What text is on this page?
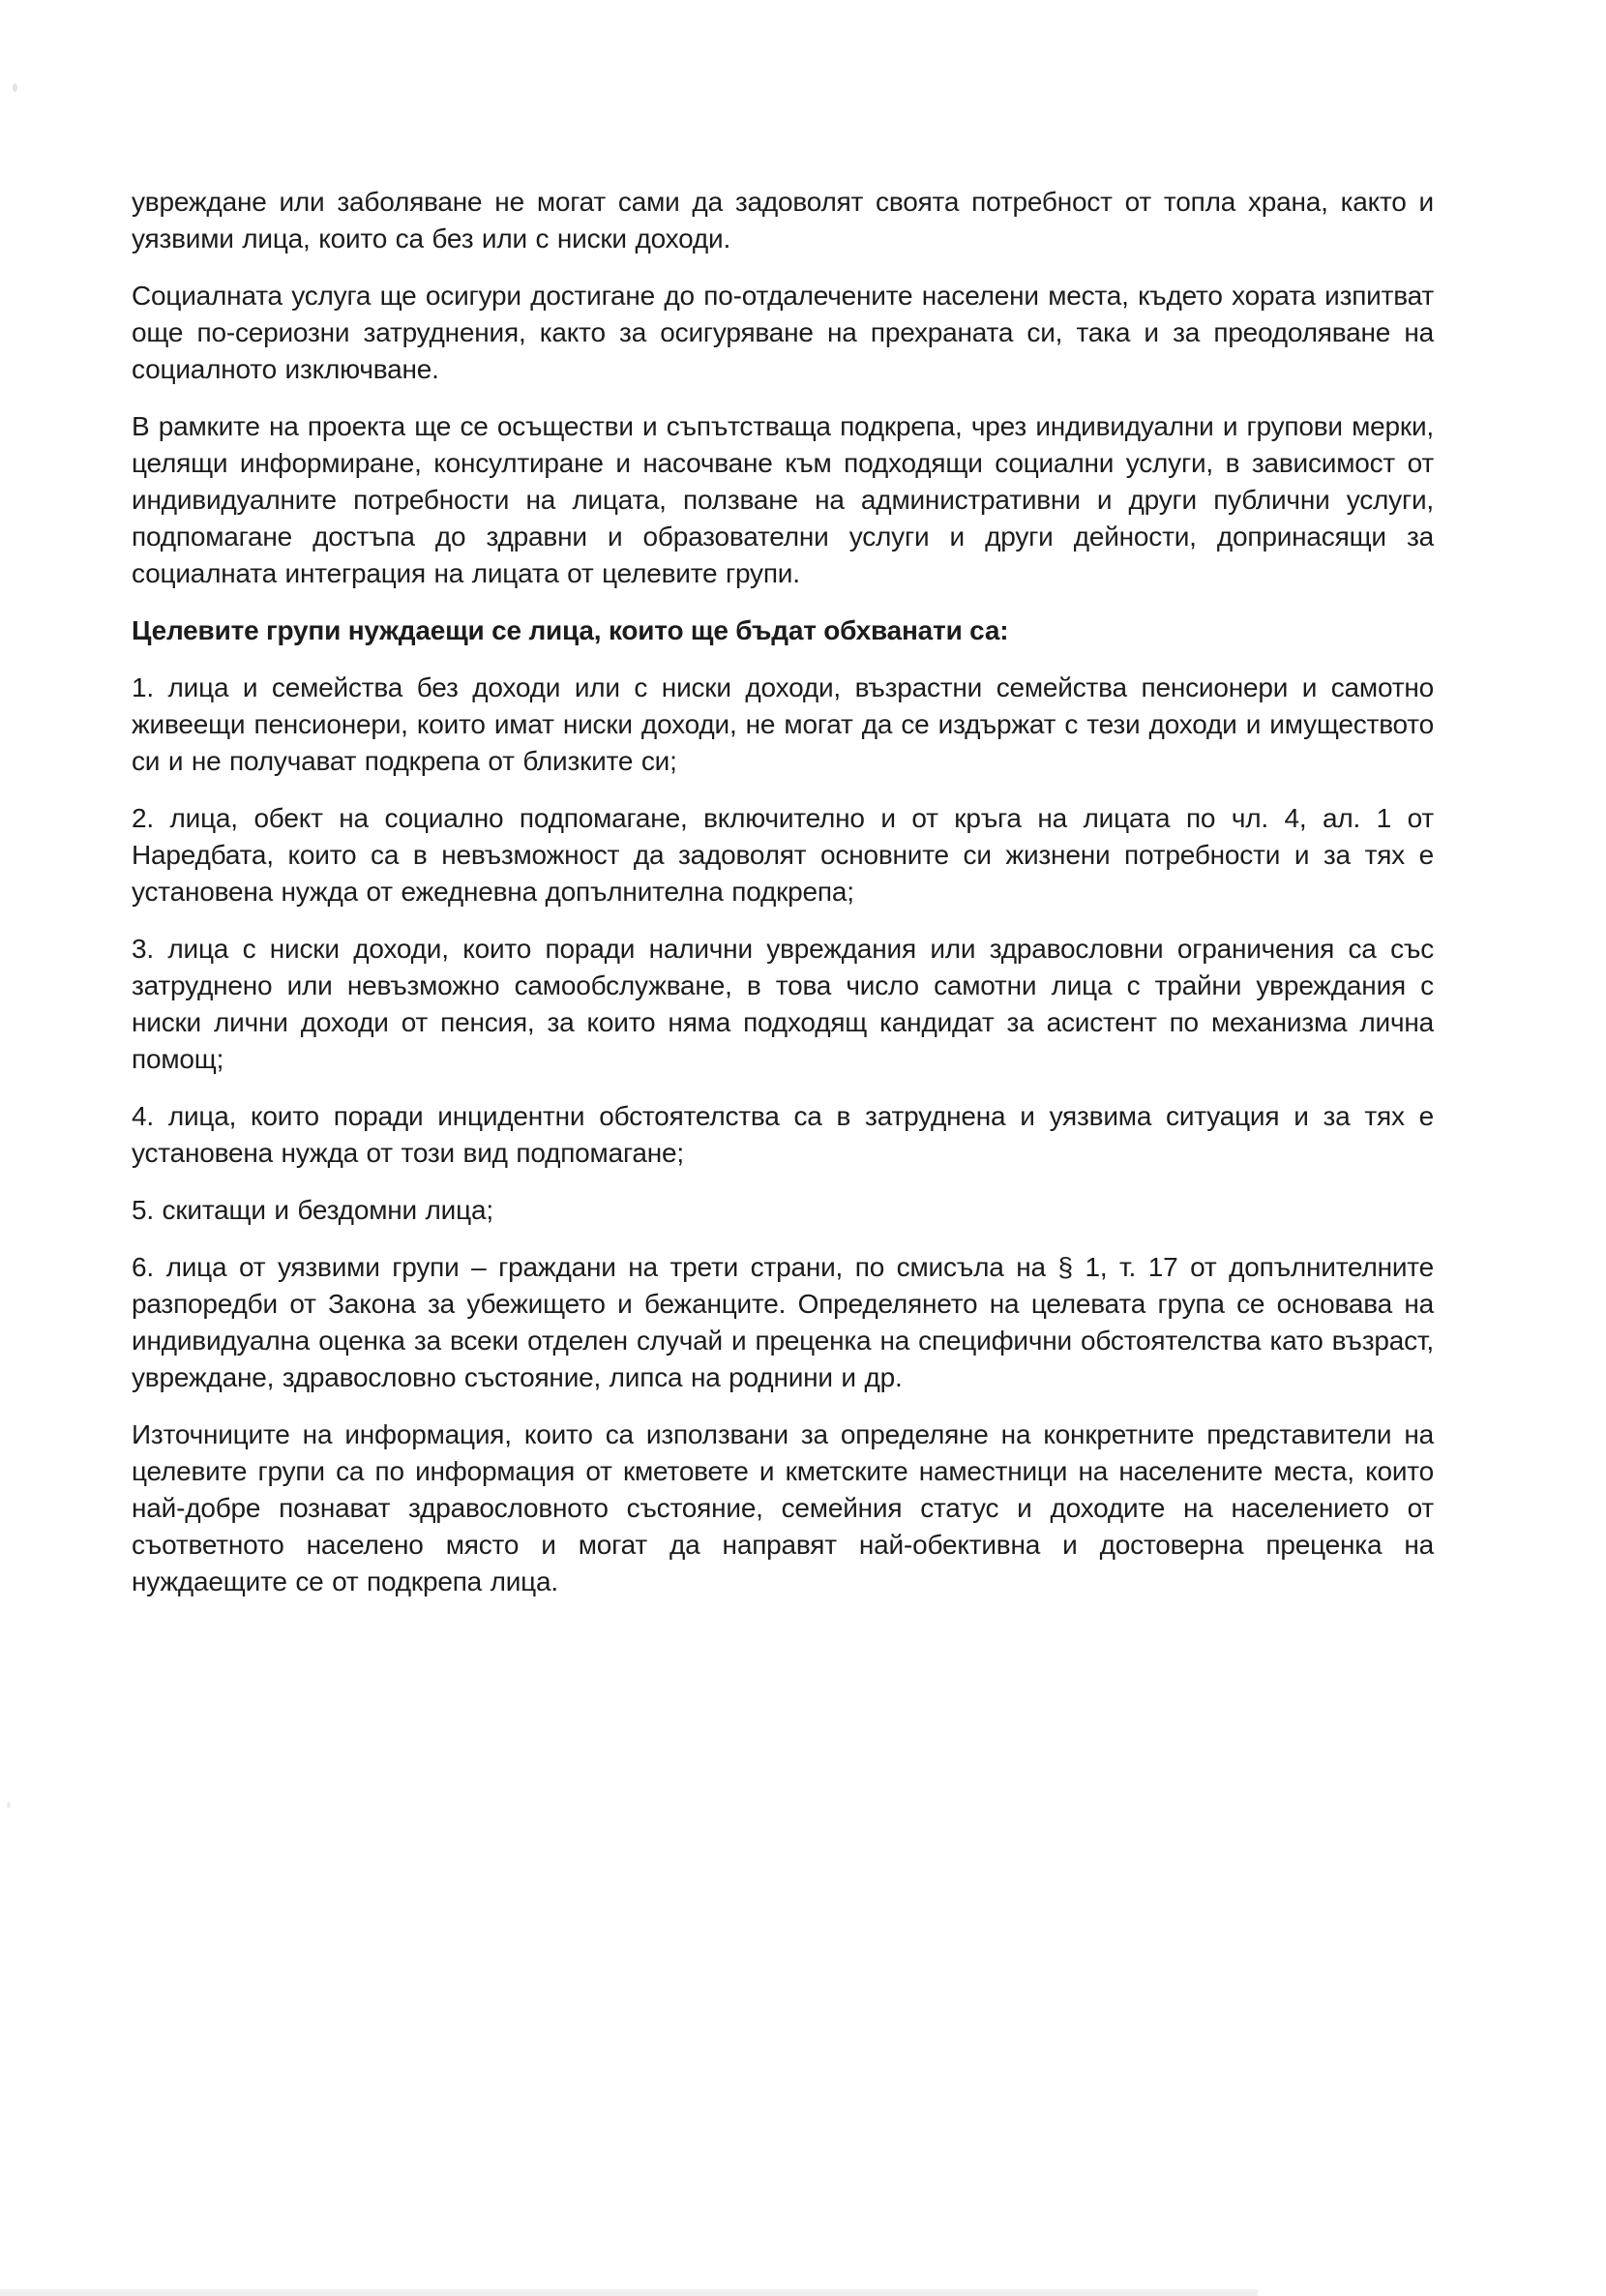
увреждане или заболяване не могат сами да задоволят своята потребност от топла храна, както и уязвими лица, които са без или с ниски доходи.

Социалната услуга ще осигури достигане до по-отдалечените населени места, където хората изпитват още по-сериозни затруднения, както за осигуряване на прехраната си, така и за преодоляване на социалното изключване.

В рамките на проекта ще се осъществи и съпътстваща подкрепа, чрез индивидуални и групови мерки, целящи информиране, консултиране и насочване към подходящи социални услуги, в зависимост от индивидуалните потребности на лицата, ползване на административни и други публични услуги, подпомагане достъпа до здравни и образователни услуги и други дейности, допринасящи за социалната интеграция на лицата от целевите групи.

Целевите групи нуждаещи се лица, които ще бъдат обхванати са:

1. лица и семейства без доходи или с ниски доходи, възрастни семейства пенсионери и самотно живеещи пенсионери, които имат ниски доходи, не могат да се издържат с тези доходи и имуществото си и не получават подкрепа от близките си;

2. лица, обект на социално подпомагане, включително и от кръга на лицата по чл. 4, ал. 1 от Наредбата, които са в невъзможност да задоволят основните си жизнени потребности и за тях е установена нужда от ежедневна допълнителна подкрепа;

3. лица с ниски доходи, които поради налични увреждания или здравословни ограничения са със затруднено или невъзможно самообслужване, в това число самотни лица с трайни увреждания с ниски лични доходи от пенсия, за които няма подходящ кандидат за асистент по механизма лична помощ;

4. лица, които поради инцидентни обстоятелства са в затруднена и уязвима ситуация и за тях е установена нужда от този вид подпомагане;

5. скитащи и бездомни лица;

6. лица от уязвими групи – граждани на трети страни, по смисъла на § 1, т. 17 от допълнителните разпоредби от Закона за убежището и бежанците. Определянето на целевата група се основава на индивидуална оценка за всеки отделен случай и преценка на специфични обстоятелства като възраст, увреждане, здравословно състояние, липса на роднини и др.

Източниците на информация, които са използвани за определяне на конкретните представители на целевите групи са по информация от кметовете и кметските наместници на населените места, които най-добре познават здравословното състояние, семейния статус и доходите на населението от съответното населено място и могат да направят най-обективна и достоверна преценка на нуждаещите се от подкрепа лица.
